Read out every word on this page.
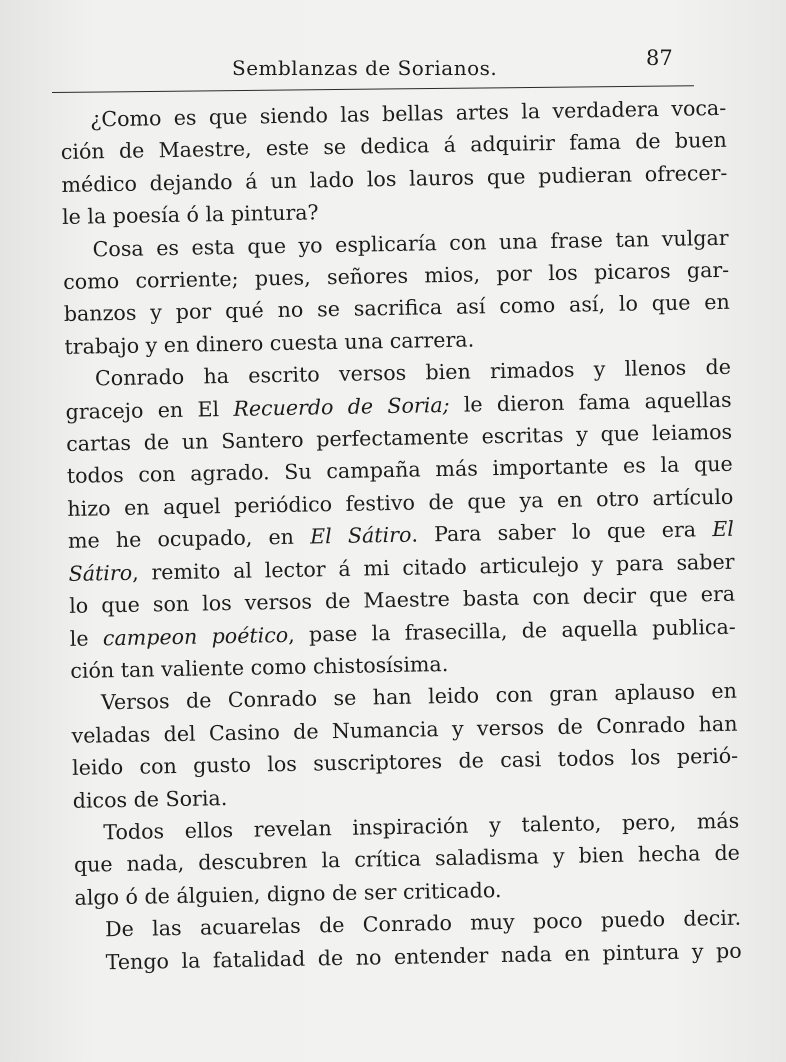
Semblanzas de Sorianos.	87
¿Como es que siendo las bellas artes la verdadera voca-
ción de Maestre, este se dedica á adquirir fama de buen
médico dejando á un lado los lauros que pudieran ofrecer-
le la poesía ó la pintura?
Cosa es esta que yo esplicaría con una frase tan vulgar
como corriente; pues, señores mios, por los picaros gar-
banzos y por qué no se sacrifica así como así, lo que en
trabajo y en dinero cuesta una carrera.
Conrado ha escrito versos bien rimados y llenos de
gracejo en El Recuerdo de Soria; le dieron fama aquellas
cartas de un Santero perfectamente escritas y que leiamos
todos con agrado. Su campaña más importante es la que
hizo en aquel periódico festivo de que ya en otro artículo
me he ocupado, en El Sátiro. Para saber lo que era El
Sátiro, remito al lector á mi citado articulejo y para saber
lo que son los versos de Maestre basta con decir que era
le campeon poético, pase la frasecilla, de aquella publica-
ción tan valiente como chistosísima.
Versos de Conrado se han leido con gran aplauso en
veladas del Casino de Numancia y versos de Conrado han
leido con gusto los suscriptores de casi todos los perió-
dicos de Soria.
Todos ellos revelan inspiración y talento, pero, más
que nada, descubren la crítica saladisma y bien hecha de
algo ó de álguien, digno de ser criticado.
De las acuarelas de Conrado muy poco puedo decir.
Tengo la fatalidad de no entender nada en pintura y po
